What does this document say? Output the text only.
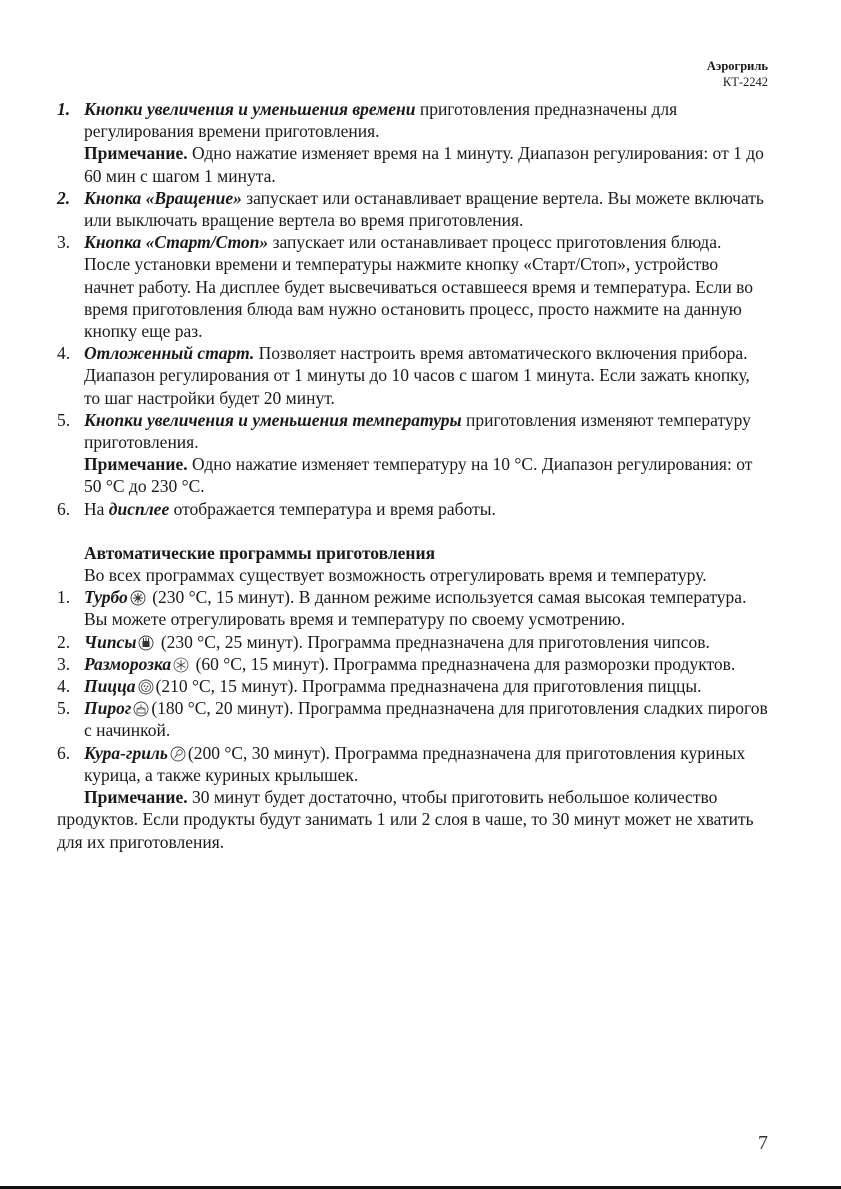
Аэрогриль
КТ-2242
1. Кнопки увеличения и уменьшения времени приготовления предназначены для регулирования времени приготовления.
Примечание. Одно нажатие изменяет время на 1 минуту. Диапазон регулирования: от 1 до 60 мин с шагом 1 минута.
2. Кнопка «Вращение» запускает или останавливает вращение вертела. Вы можете включать или выключать вращение вертела во время приготовления.
3. Кнопка «Старт/Стоп» запускает или останавливает процесс приготовления блюда. После установки времени и температуры нажмите кнопку «Старт/Стоп», устройство начнет работу. На дисплее будет высвечиваться оставшееся время и температура. Если во время приготовления блюда вам нужно остановить процесс, просто нажмите на данную кнопку еще раз.
4. Отложенный старт. Позволяет настроить время автоматического включения прибора. Диапазон регулирования от 1 минуты до 10 часов с шагом 1 минута. Если зажать кнопку, то шаг настройки будет 20 минут.
5. Кнопки увеличения и уменьшения температуры приготовления изменяют температуру приготовления.
Примечание. Одно нажатие изменяет температуру на 10 °С. Диапазон регулирования: от 50 °С до 230 °С.
6. На дисплее отображается температура и время работы.
Автоматические программы приготовления
Во всех программах существует возможность отрегулировать время и температуру.
1. Турбо
(230 °С, 15 минут). В данном режиме используется самая высокая температура. Вы можете отрегулировать время и температуру по своему усмотрению.
2. Чипсы
(230 °С, 25 минут). Программа предназначена для приготовления чипсов.
3. Разморозка
(60 °С, 15 минут). Программа предназначена для разморозки продуктов.
4. Пицца (210 °С, 15 минут). Программа предназначена для приготовления пиццы.
5. Пирог (180 °С, 20 минут). Программа предназначена для приготовления сладких пирогов с начинкой.
6. Кура-гриль (200 °С, 30 минут). Программа предназначена для приготовления куриных курица, а также куриных крылышек.
Примечание. 30 минут будет достаточно, чтобы приготовить небольшое количество продуктов. Если продукты будут занимать 1 или 2 слоя в чаше, то 30 минут может не хватить для их приготовления.
7
